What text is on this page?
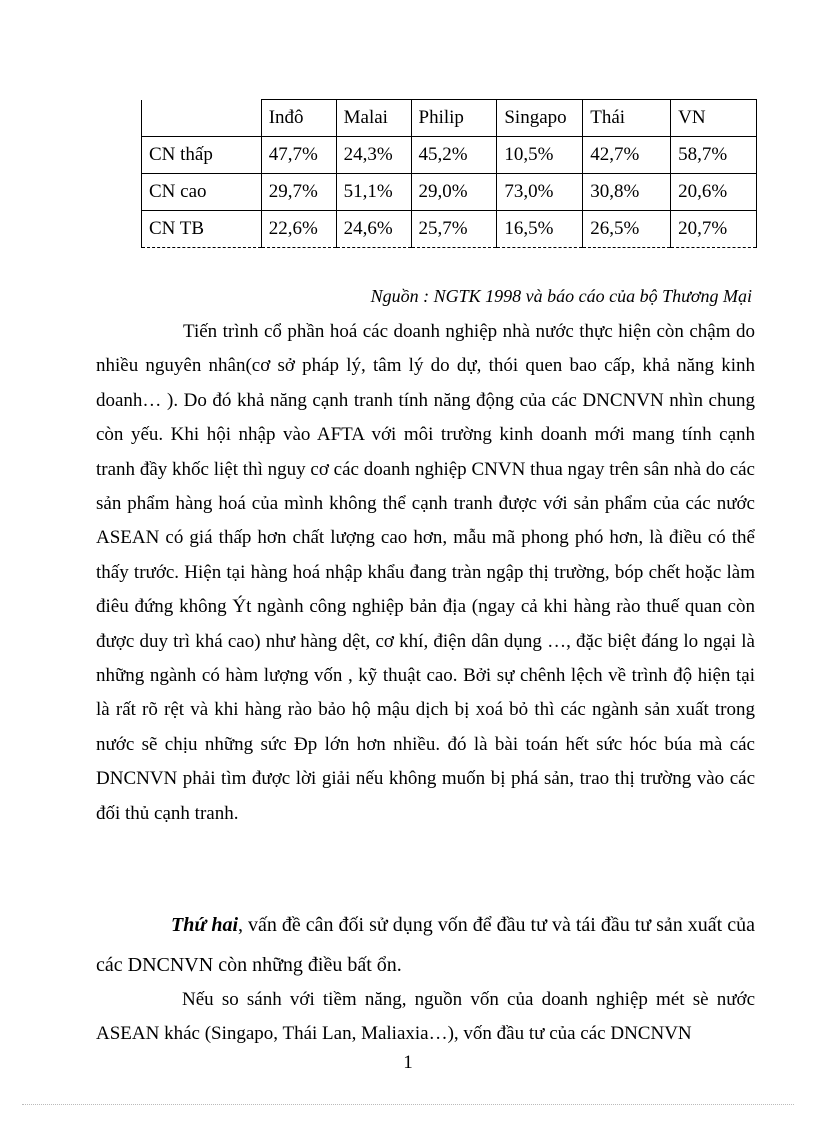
	Inđô	Malai	Philip	Singapo	Thái	VN
CN thấp	47,7%	24,3%	45,2%	10,5%	42,7%	58,7%
CN cao	29,7%	51,1%	29,0%	73,0%	30,8%	20,6%
CN TB	22,6%	24,6%	25,7%	16,5%	26,5%	20,7%
Nguồn : NGTK 1998 và báo cáo của bộ Thương Mại

Tiến trình cổ phần hoá các doanh nghiệp nhà nước thực hiện còn chậm do nhiều nguyên nhân(cơ sở pháp lý, tâm lý do dự, thói quen bao cấp, khả năng kinh doanh… ). Do đó khả năng cạnh tranh tính năng động của các DNCNVN nhìn chung còn yếu. Khi hội nhập vào AFTA với môi trường kinh doanh mới mang tính cạnh tranh đầy khốc liệt thì nguy cơ các doanh nghiệp CNVN thua ngay trên sân nhà do các sản phẩm hàng hoá của mình không thể cạnh tranh được với sản phẩm của các nước ASEAN có giá thấp hơn chất lượng cao hơn, mẫu mã phong phó hơn, là điều có thể thấy trước. Hiện tại hàng hoá nhập khẩu đang tràn ngập thị trường, bóp chết hoặc làm điêu đứng không Ýt ngành công nghiệp bản địa (ngay cả khi hàng rào thuế quan còn được duy trì khá cao) như hàng dệt, cơ khí, điện dân dụng …, đặc biệt đáng lo ngại là những ngành có hàm lượng vốn , kỹ thuật cao. Bởi sự chênh lệch về trình độ hiện tại là rất rõ rệt và khi hàng rào bảo hộ mậu dịch bị xoá bỏ thì các ngành sản xuất trong nước sẽ chịu những sức Ðp lớn hơn nhiều. đó là bài toán hết sức hóc búa mà các DNCNVN phải tìm được lời giải nếu không muốn bị phá sản, trao thị trường vào các đối thủ cạnh tranh.

Thứ hai, vấn đề cân đối sử dụng vốn để đầu tư và tái đầu tư sản xuất của các DNCNVN còn những điều bất ổn.

Nếu so sánh với tiềm năng, nguồn vốn của doanh nghiệp mét sè nước ASEAN khác (Singapo, Thái Lan, Maliaxia…), vốn đầu tư của các DNCNVN

1
